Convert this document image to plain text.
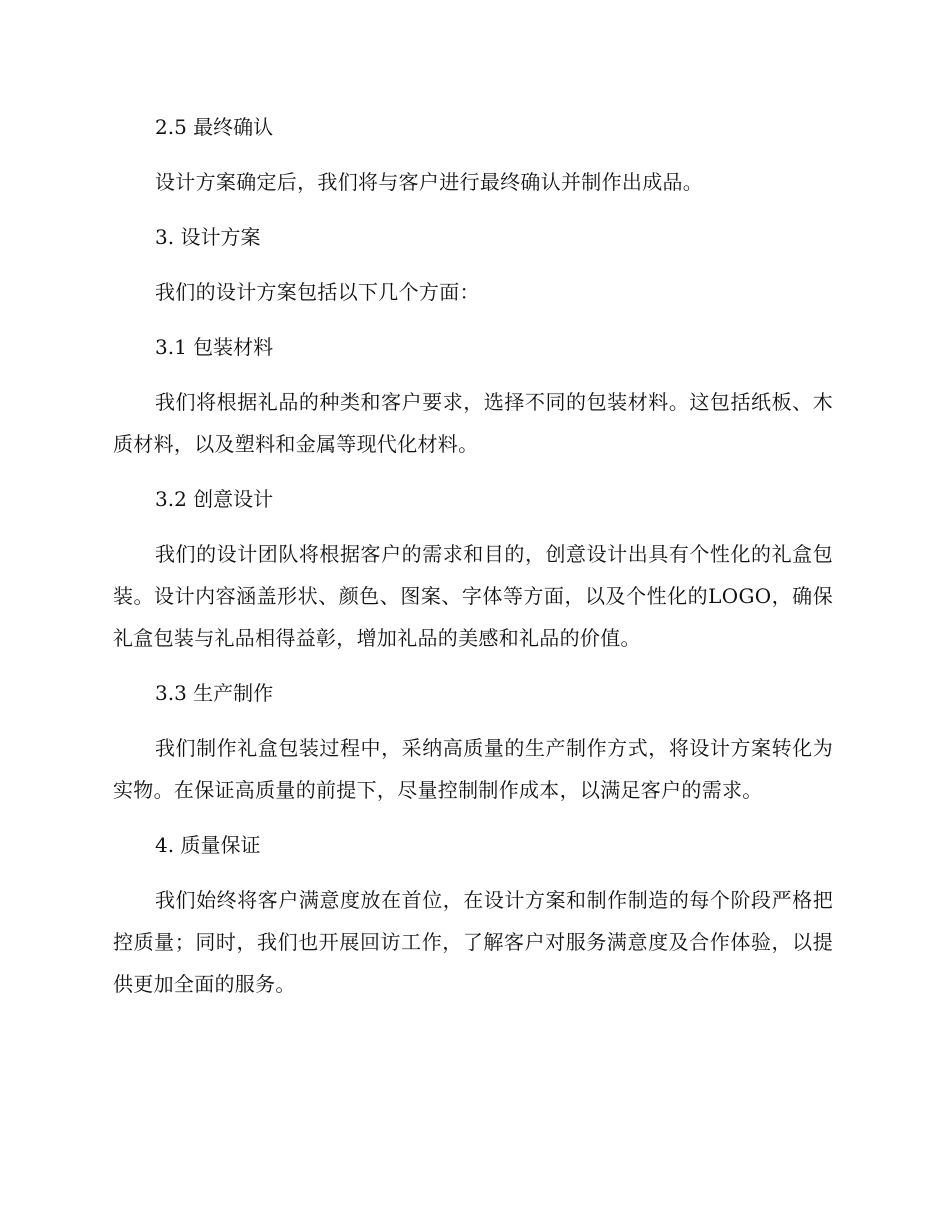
2.5 最终确认
设计方案确定后，我们将与客户进行最终确认并制作出成品。
3. 设计方案
我们的设计方案包括以下几个方面：
3.1 包装材料
我们将根据礼品的种类和客户要求，选择不同的包装材料。这包括纸板、木质材料，以及塑料和金属等现代化材料。
3.2 创意设计
我们的设计团队将根据客户的需求和目的，创意设计出具有个性化的礼盒包装。设计内容涵盖形状、颜色、图案、字体等方面，以及个性化的LOGO，确保礼盒包装与礼品相得益彰，增加礼品的美感和礼品的价值。
3.3 生产制作
我们制作礼盒包装过程中，采纳高质量的生产制作方式，将设计方案转化为实物。在保证高质量的前提下，尽量控制制作成本，以满足客户的需求。
4. 质量保证
我们始终将客户满意度放在首位，在设计方案和制作制造的每个阶段严格把控质量；同时，我们也开展回访工作，了解客户对服务满意度及合作体验，以提供更加全面的服务。
